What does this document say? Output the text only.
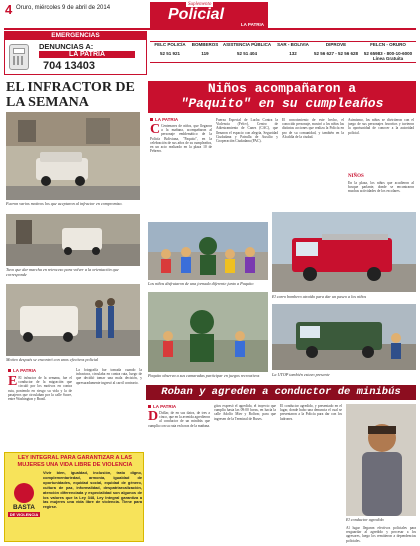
4 Oruro, miércoles 9 de abril de 2014
Suplemento
Policial
LA PATRIA
EMERGENCIAS
DENUNCIAS A:
LA PATRIA
704 13403
FELC POLICÍA
52 51 921
BOMBEROS
119
ASISTENCIA PÚBLICA
52 51 404
SAR - BOLIVIA
132
DIPROVE
52 56 627 - 52 56 628
FELCN - ORURO
52 65983 - 800-10-6000 Línea Gratuita
EL INFRACTOR DE LA SEMANA
Fueron varios motivos los que aceptaron al infractor en compromiso.
Tuvo que dar marcha en retroceso para volver a la orientación que corresponde
Motivo después se encontró con unos efectivos policial
LA PATRIA
E El infractor de la semana, fue el conductor de la migración que circuló por los motivos en contra ruta, poniendo en riesgo su vida y la de pasajeros que circulaban por la calle Sucre, entre Washington y Brasil.
La fotografía fue tomada cuando la infractora, circulaba en contra ruta, luego de que decidió tomar una mala decisión, y apresuradamente ingresó al carril contrario.
Niños acompañaron a
"Paquito" en su cumpleaños
LA PATRIA
C Centenares de niños, que llegaron a la mañana, acompañaron al personaje emblemático de la Policía Boliviana, "Paquito", en la celebración de sus años de su cumpleaños, en un acto realizado en la plaza 10 de Febrero.
Fuerza Especial de Lucha Contra la Violencia (Felcv), Centro de Adiestramiento de Canes (CAC), que llenaron el espacio con alegría, Seguridad Ciudadana y Patrulla de Auxilio y Cooperación Ciudadana (PAC).
El conocimiento de este hecho, el conocido personaje, mostró a los niños las distintas acciones que realiza la Policía en pro de su comunidad, y también en la Alcaldía de la ciudad.
Asimismo, los niños se divirtieron con el juego de sus personajes favoritos y tuvieron la oportunidad de conocer a la autoridad policial.
NIÑOS
En la plaza, los niños que acudieron al bosque parlante, donde se encontraron muchas actividades de los escolares.
Los niños disfrutaron de una jornada diferente junto a Paquito
El carro bombero atraído para dar un paseo a los niños
Paquito observa a sus camaradas participar en juegos recreativos	La UTOP también estuvo presente
Roban y agreden a conductor de minibús
LA PATRIA
D Dollar, de en sus datos, de tres a cinco, que en la avenida agredieron al conductor de un minibús que cumplía con su ruta en horas de la mañana.
gitos expresó el agredido, el trayecto que cumplía hasta las 09:00 horas, en hacía la calle Adolfo Mier y Bolívar, para que ingresen de la Terminal de Buses.
El conductor agredido, y presentado en el lugar, donde hubo una denuncia el cual se presentaron a la Policía para dar con los ladrones.
El conductor agredido
Al lugar llegaron efectivos policiales para resguardar al agredido y procesar a los agresores, luego los remitieron a dependencias policiales.
LEY INTEGRAL PARA GARANTIZAR A LAS
MUJERES UNA VIDA LIBRE DE VIOLENCIA
BASTA
DE VIOLENCIA
Vivir bien, igualdad, inclusión, trato digno, complementariedad, armonía, igualdad de oportunidades, equidad social, equidad de género, cultura de paz, informalidad, despatriarcalización, atención diferenciada y especialidad son algunos de los valores que la Ley 348, Ley Integral garantiza a las mujeres una vida libre de violencia. Tiene para regirse.
